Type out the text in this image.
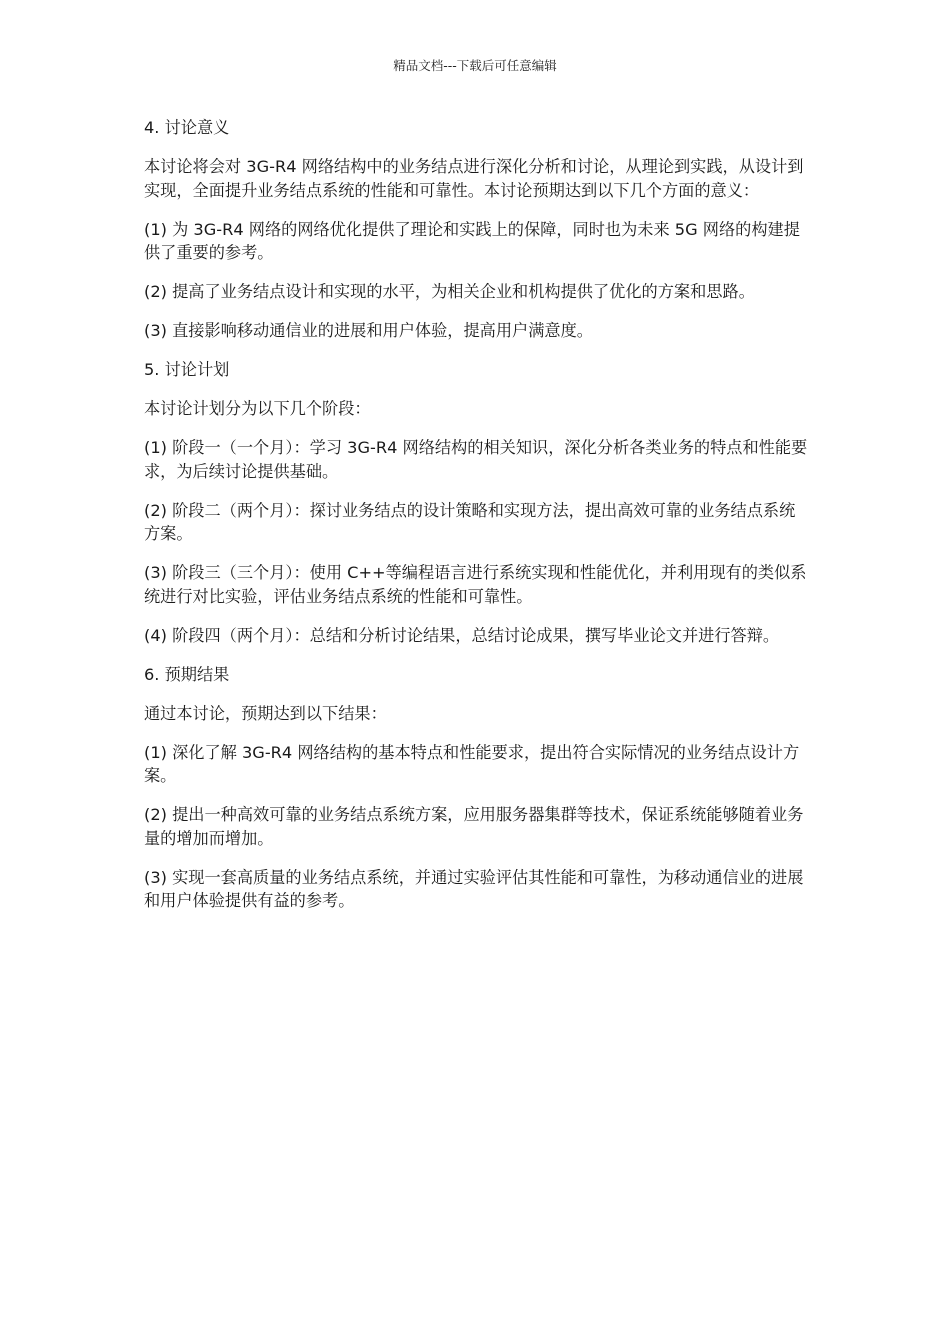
精品文档---下载后可任意编辑

4. 讨论意义

本讨论将会对 3G-R4 网络结构中的业务结点进行深化分析和讨论，从理论到实践，从设计到实现，全面提升业务结点系统的性能和可靠性。本讨论预期达到以下几个方面的意义：

(1) 为 3G-R4 网络的网络优化提供了理论和实践上的保障，同时也为未来 5G 网络的构建提供了重要的参考。

(2) 提高了业务结点设计和实现的水平，为相关企业和机构提供了优化的方案和思路。

(3) 直接影响移动通信业的进展和用户体验，提高用户满意度。

5. 讨论计划

本讨论计划分为以下几个阶段：

(1) 阶段一（一个月）：学习 3G-R4 网络结构的相关知识，深化分析各类业务的特点和性能要求，为后续讨论提供基础。

(2) 阶段二（两个月）：探讨业务结点的设计策略和实现方法，提出高效可靠的业务结点系统方案。

(3) 阶段三（三个月）：使用 C++等编程语言进行系统实现和性能优化，并利用现有的类似系统进行对比实验，评估业务结点系统的性能和可靠性。

(4) 阶段四（两个月）：总结和分析讨论结果，总结讨论成果，撰写毕业论文并进行答辩。

6. 预期结果

通过本讨论，预期达到以下结果：

(1) 深化了解 3G-R4 网络结构的基本特点和性能要求，提出符合实际情况的业务结点设计方案。

(2) 提出一种高效可靠的业务结点系统方案，应用服务器集群等技术，保证系统能够随着业务量的增加而增加。

(3) 实现一套高质量的业务结点系统，并通过实验评估其性能和可靠性，为移动通信业的进展和用户体验提供有益的参考。
